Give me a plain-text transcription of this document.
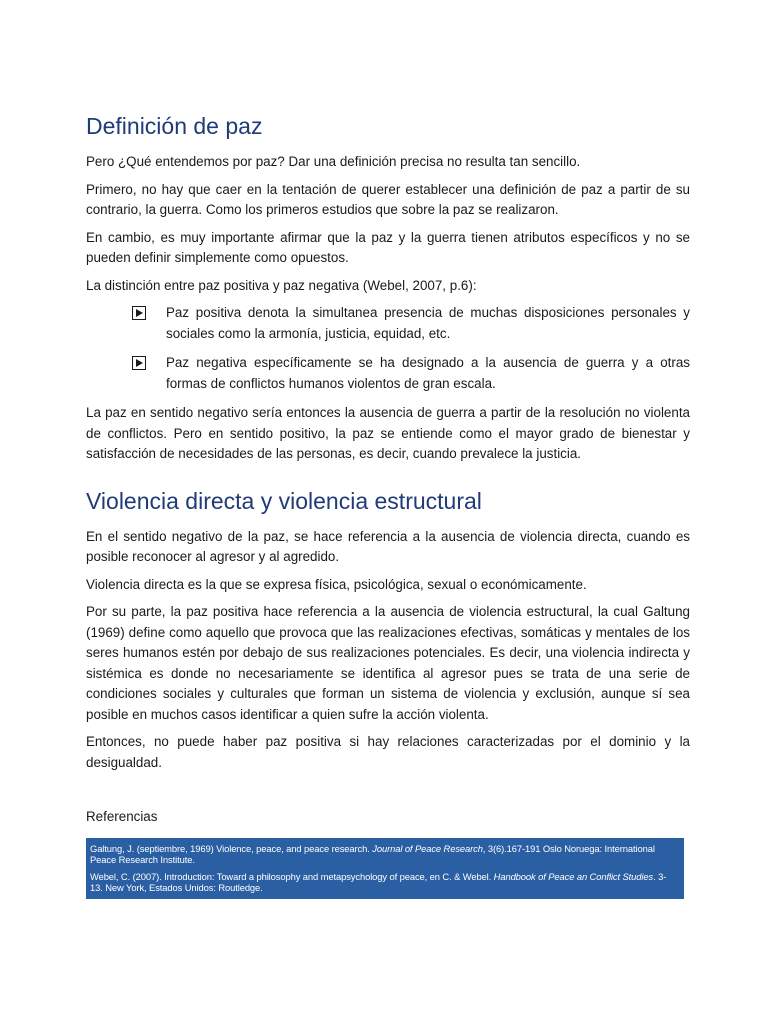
Definición de paz

Pero ¿Qué entendemos por paz? Dar una definición precisa no resulta tan sencillo.

Primero, no hay que caer en la tentación de querer establecer una definición de paz a partir de su contrario, la guerra. Como los primeros estudios que sobre la paz se realizaron.

En cambio, es muy importante afirmar que la paz y la guerra tienen atributos específicos y no se pueden definir simplemente como opuestos.

La distinción entre paz positiva y paz negativa (Webel, 2007, p.6):

Paz positiva denota la simultanea presencia de muchas disposiciones personales y sociales como la armonía, justicia, equidad, etc.
Paz negativa específicamente se ha designado a la ausencia de guerra y a otras formas de conflictos humanos violentos de gran escala.

La paz en sentido negativo sería entonces la ausencia de guerra a partir de la resolución no violenta de conflictos. Pero en sentido positivo, la paz se entiende como el mayor grado de bienestar y satisfacción de necesidades de las personas, es decir, cuando prevalece la justicia.

Violencia directa y violencia estructural

En el sentido negativo de la paz, se hace referencia a la ausencia de violencia directa, cuando es posible reconocer al agresor y al agredido.

Violencia directa es la que se expresa física, psicológica, sexual o económicamente.

Por su parte, la paz positiva hace referencia a la ausencia de violencia estructural, la cual Galtung (1969) define como aquello que provoca que las realizaciones efectivas, somáticas y mentales de los seres humanos estén por debajo de sus realizaciones potenciales. Es decir, una violencia indirecta y sistémica es donde no necesariamente se identifica al agresor pues se trata de una serie de condiciones sociales y culturales que forman un sistema de violencia y exclusión, aunque sí sea posible en muchos casos identificar a quien sufre la acción violenta.

Entonces, no puede haber paz positiva si hay relaciones caracterizadas por el dominio y la desigualdad.

Referencias

Galtung, J. (septiembre, 1969) Violence, peace, and peace research. Journal of Peace Research, 3(6).167-191 Oslo Noruega: International Peace Research Institute.

Webel, C. (2007). Introduction: Toward a philosophy and metapsychology of peace, en C. & Webel. Handbook of Peace an Conflict Studies. 3-13. New York, Estados Unidos: Routledge.
